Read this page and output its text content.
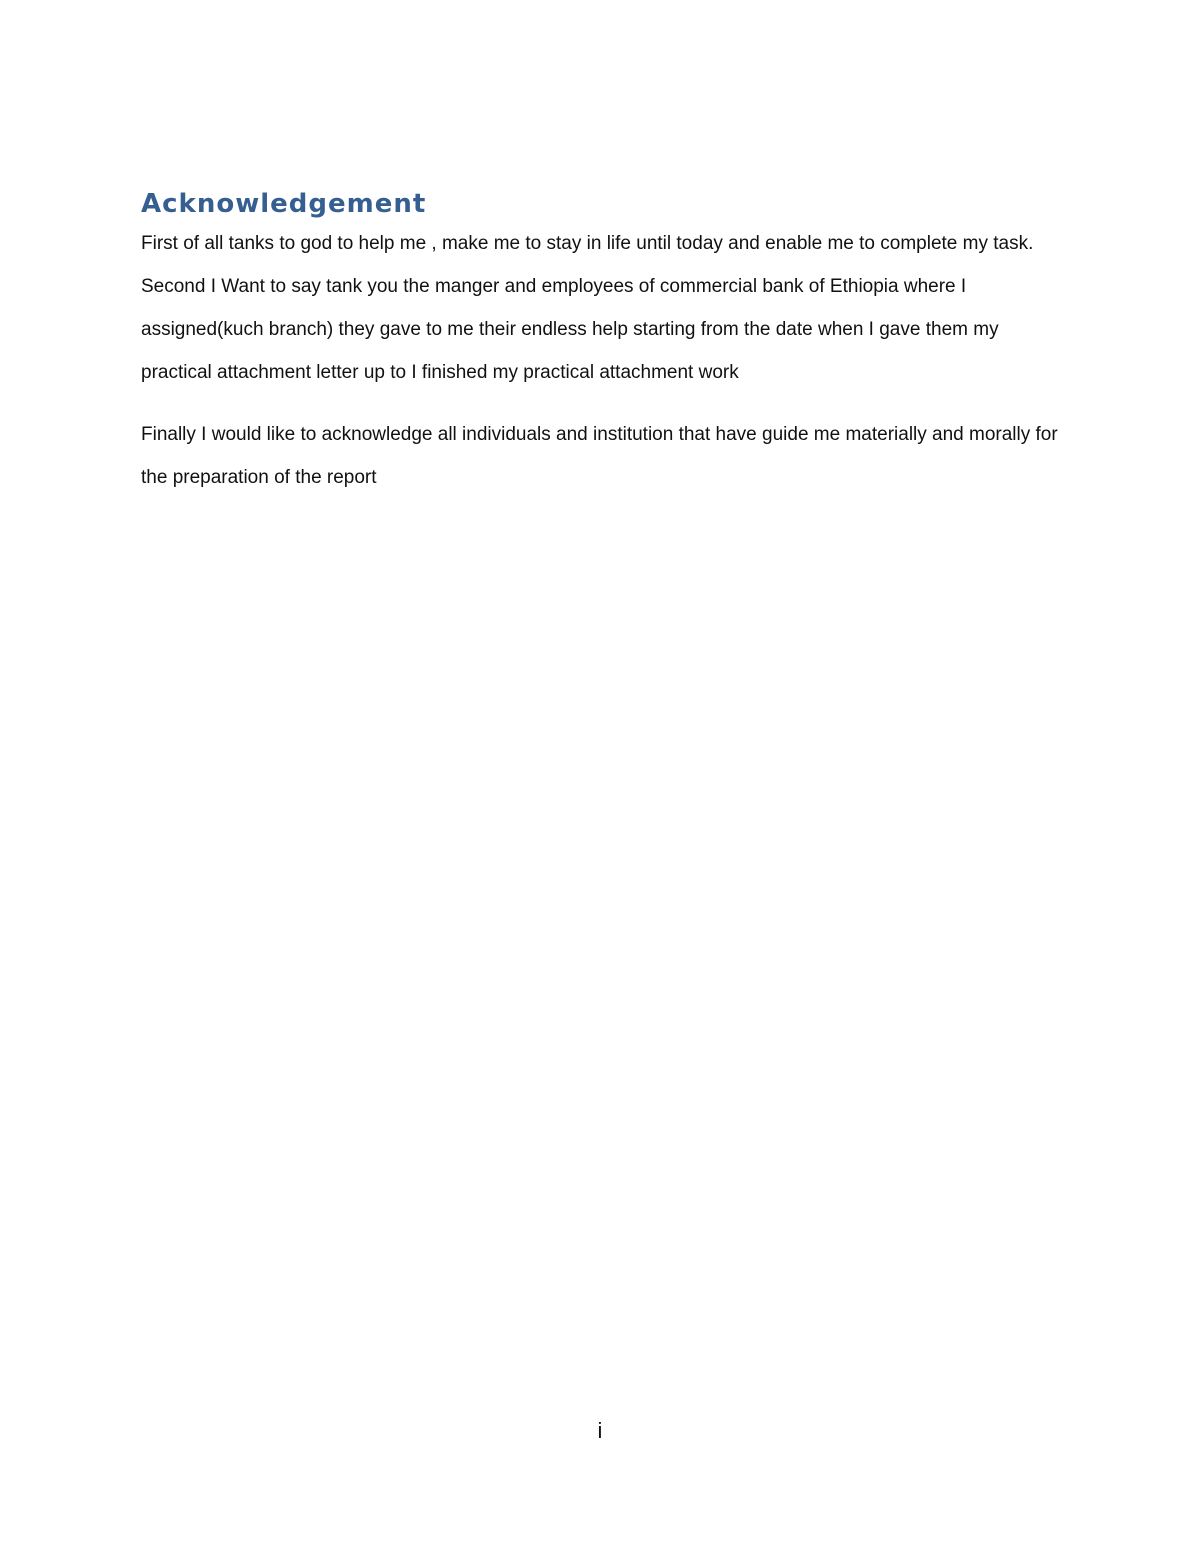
Acknowledgement

First of all tanks to god to help me , make me to stay in life until today and enable me to complete my task. Second I Want to say tank you the manger and employees of commercial bank of Ethiopia where I assigned(kuch branch) they gave to me their endless help starting from the date when I gave them my practical attachment letter up to I finished my practical attachment work

Finally I would like to acknowledge all individuals and institution that have guide me materially and morally for the preparation of the report

i
